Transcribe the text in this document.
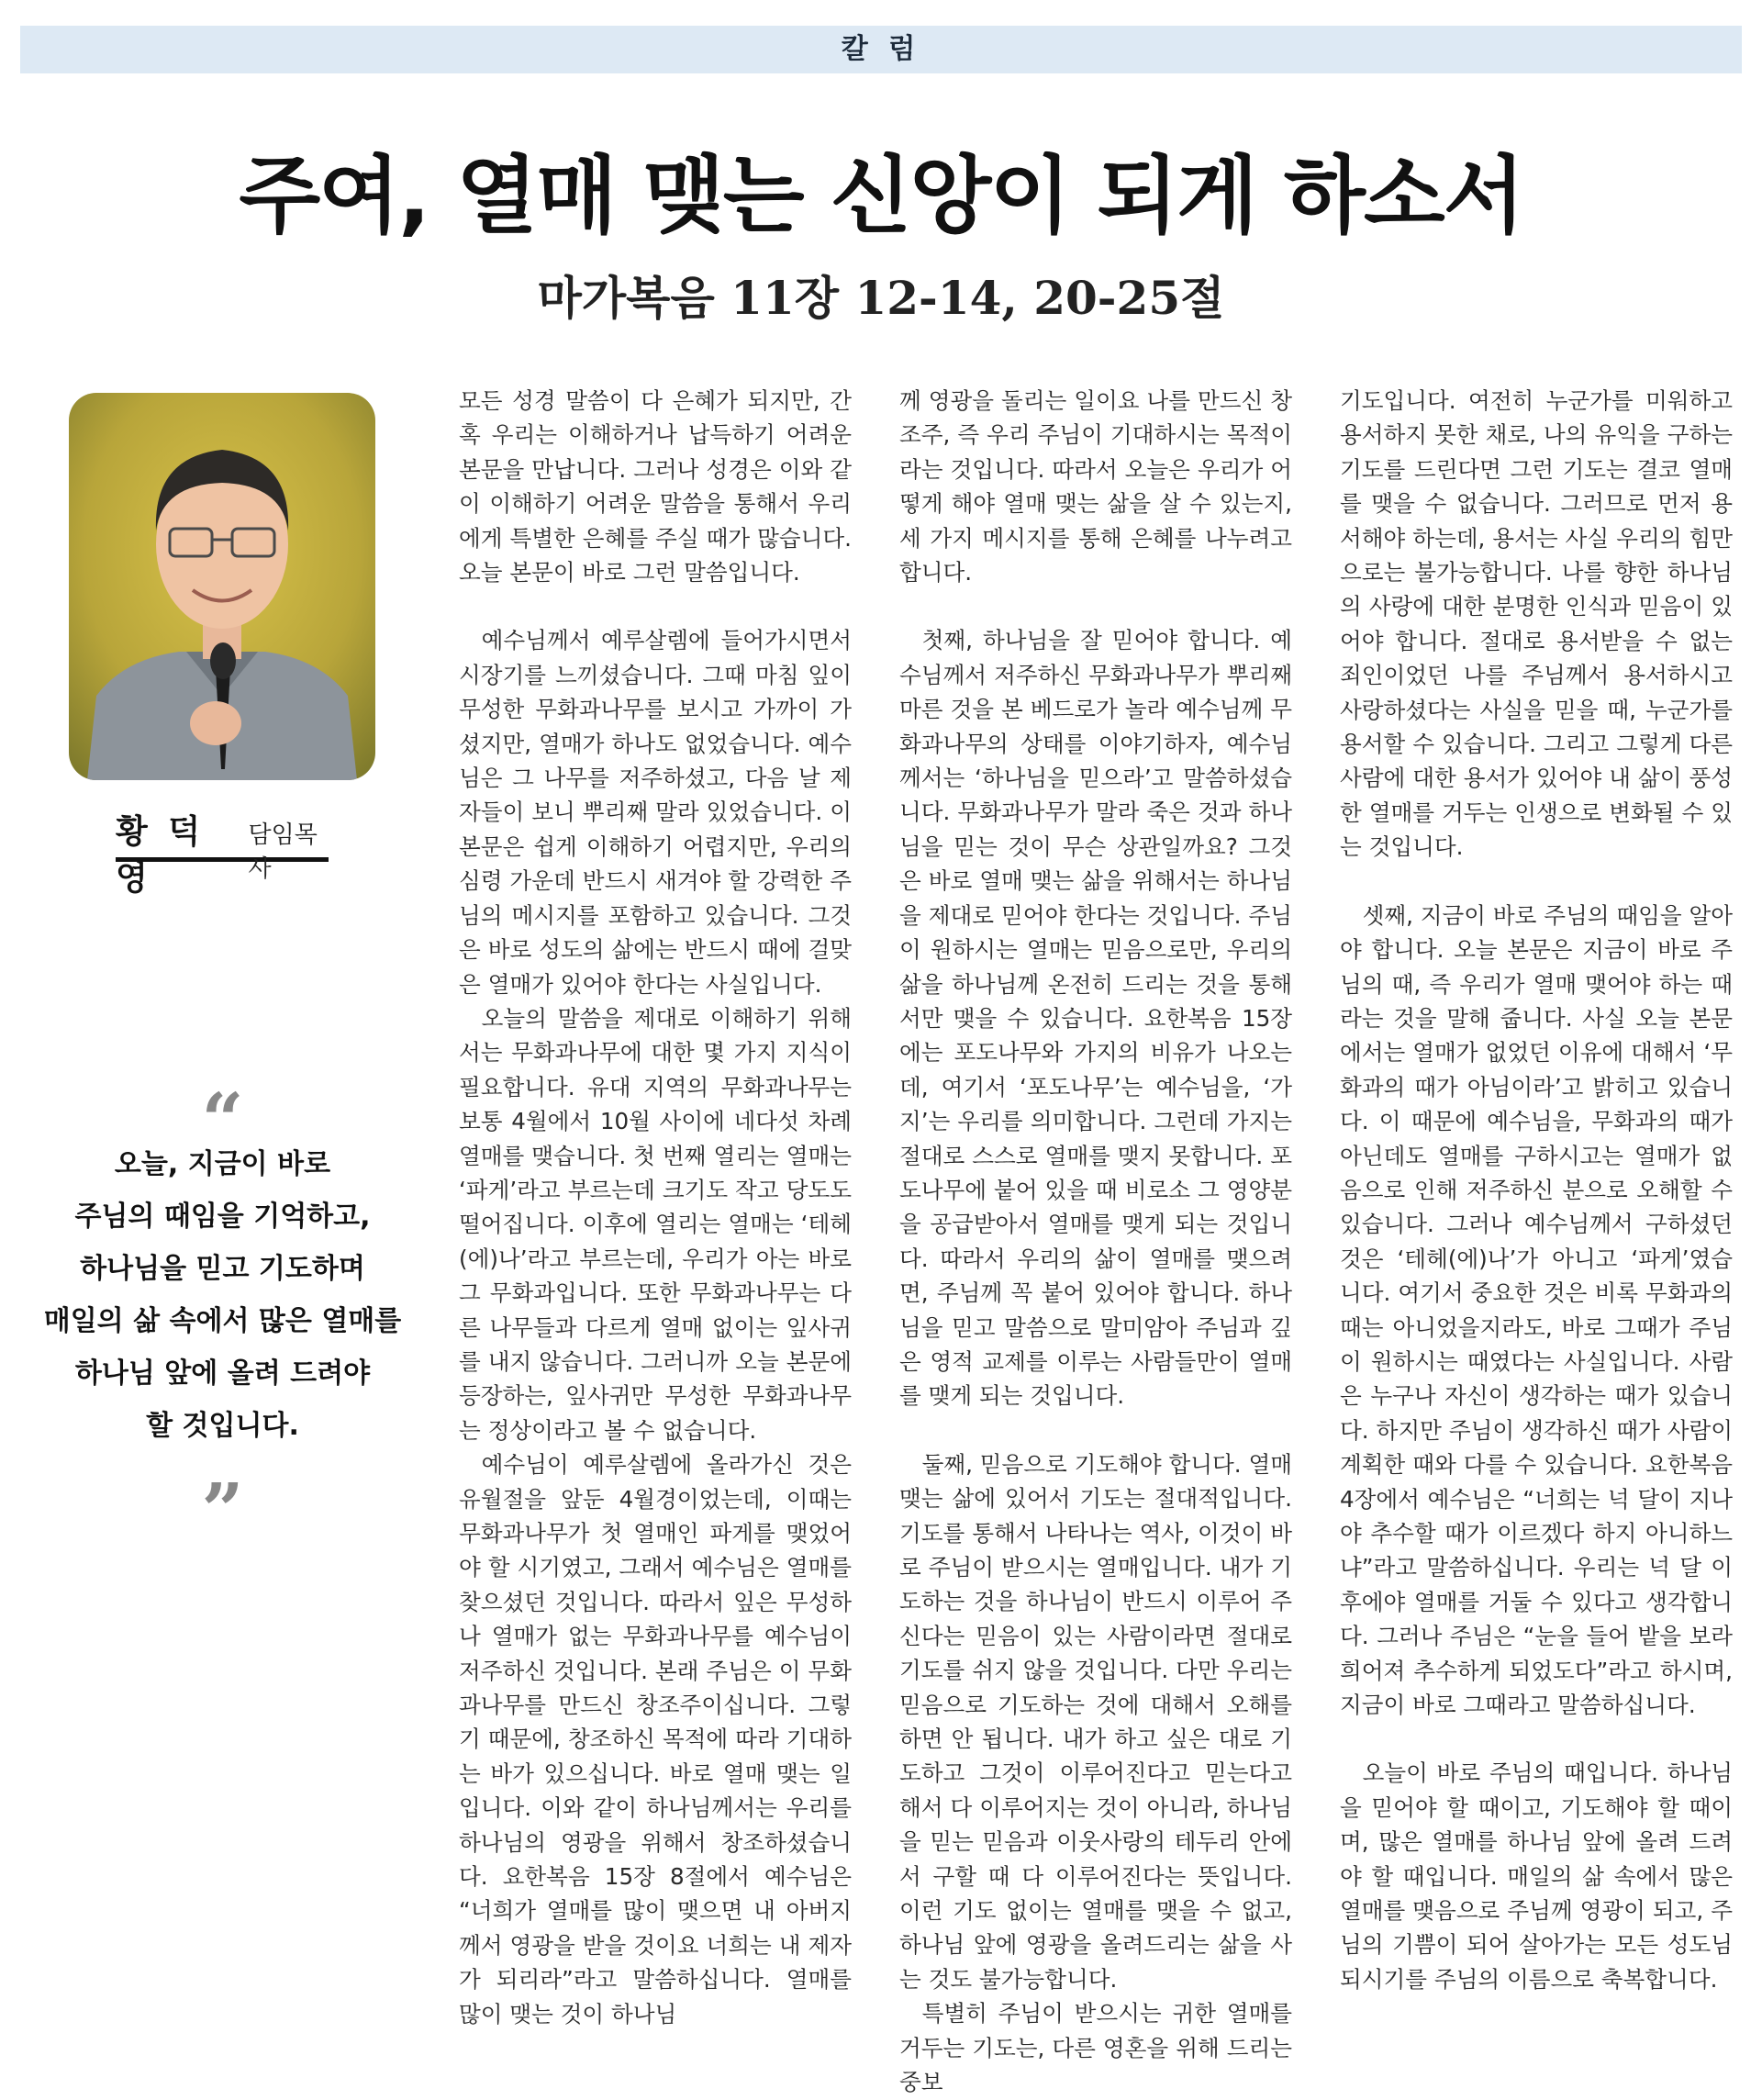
칼 럼
주여, 열매 맺는 신앙이 되게 하소서
마가복음 11장 12-14, 20-25절
황 덕 영
담임목사
“
오늘, 지금이 바로
주님의 때임을 기억하고,
하나님을 믿고 기도하며
매일의 삶 속에서 많은 열매를
하나님 앞에 올려 드려야
할 것입니다.
”

모든 성경 말씀이 다 은혜가 되지만, 간혹 우리는 이해하거나 납득하기 어려운 본문을 만납니다. 그러나 성경은 이와 같이 이해하기 어려운 말씀을 통해서 우리에게 특별한 은혜를 주실 때가 많습니다. 오늘 본문이 바로 그런 말씀입니다.

예수님께서 예루살렘에 들어가시면서 시장기를 느끼셨습니다. 그때 마침 잎이 무성한 무화과나무를 보시고 가까이 가셨지만, 열매가 하나도 없었습니다. 예수님은 그 나무를 저주하셨고, 다음 날 제자들이 보니 뿌리째 말라 있었습니다. 이 본문은 쉽게 이해하기 어렵지만, 우리의 심령 가운데 반드시 새겨야 할 강력한 주님의 메시지를 포함하고 있습니다. 그것은 바로 성도의 삶에는 반드시 때에 걸맞은 열매가 있어야 한다는 사실입니다.

오늘의 말씀을 제대로 이해하기 위해서는 무화과나무에 대한 몇 가지 지식이 필요합니다. 유대 지역의 무화과나무는 보통 4월에서 10월 사이에 네다섯 차례 열매를 맺습니다. 첫 번째 열리는 열매는 ‘파게’라고 부르는데 크기도 작고 당도도 떨어집니다. 이후에 열리는 열매는 ‘테헤(에)나’라고 부르는데, 우리가 아는 바로 그 무화과입니다. 또한 무화과나무는 다른 나무들과 다르게 열매 없이는 잎사귀를 내지 않습니다. 그러니까 오늘 본문에 등장하는, 잎사귀만 무성한 무화과나무는 정상이라고 볼 수 없습니다.

예수님이 예루살렘에 올라가신 것은 유월절을 앞둔 4월경이었는데, 이때는 무화과나무가 첫 열매인 파게를 맺었어야 할 시기였고, 그래서 예수님은 열매를 찾으셨던 것입니다. 따라서 잎은 무성하나 열매가 없는 무화과나무를 예수님이 저주하신 것입니다. 본래 주님은 이 무화과나무를 만드신 창조주이십니다. 그렇기 때문에, 창조하신 목적에 따라 기대하는 바가 있으십니다. 바로 열매 맺는 일입니다. 이와 같이 하나님께서는 우리를 하나님의 영광을 위해서 창조하셨습니다. 요한복음 15장 8절에서 예수님은 “너희가 열매를 많이 맺으면 내 아버지께서 영광을 받을 것이요 너희는 내 제자가 되리라”라고 말씀하십니다. 열매를 많이 맺는 것이 하나님

께 영광을 돌리는 일이요 나를 만드신 창조주, 즉 우리 주님이 기대하시는 목적이라는 것입니다. 따라서 오늘은 우리가 어떻게 해야 열매 맺는 삶을 살 수 있는지, 세 가지 메시지를 통해 은혜를 나누려고 합니다.

첫째, 하나님을 잘 믿어야 합니다. 예수님께서 저주하신 무화과나무가 뿌리째 마른 것을 본 베드로가 놀라 예수님께 무화과나무의 상태를 이야기하자, 예수님께서는 ‘하나님을 믿으라’고 말씀하셨습니다. 무화과나무가 말라 죽은 것과 하나님을 믿는 것이 무슨 상관일까요? 그것은 바로 열매 맺는 삶을 위해서는 하나님을 제대로 믿어야 한다는 것입니다. 주님이 원하시는 열매는 믿음으로만, 우리의 삶을 하나님께 온전히 드리는 것을 통해서만 맺을 수 있습니다. 요한복음 15장에는 포도나무와 가지의 비유가 나오는데, 여기서 ‘포도나무’는 예수님을, ‘가지’는 우리를 의미합니다. 그런데 가지는 절대로 스스로 열매를 맺지 못합니다. 포도나무에 붙어 있을 때 비로소 그 영양분을 공급받아서 열매를 맺게 되는 것입니다. 따라서 우리의 삶이 열매를 맺으려면, 주님께 꼭 붙어 있어야 합니다. 하나님을 믿고 말씀으로 말미암아 주님과 깊은 영적 교제를 이루는 사람들만이 열매를 맺게 되는 것입니다.

둘째, 믿음으로 기도해야 합니다. 열매 맺는 삶에 있어서 기도는 절대적입니다. 기도를 통해서 나타나는 역사, 이것이 바로 주님이 받으시는 열매입니다. 내가 기도하는 것을 하나님이 반드시 이루어 주신다는 믿음이 있는 사람이라면 절대로 기도를 쉬지 않을 것입니다. 다만 우리는 믿음으로 기도하는 것에 대해서 오해를 하면 안 됩니다. 내가 하고 싶은 대로 기도하고 그것이 이루어진다고 믿는다고 해서 다 이루어지는 것이 아니라, 하나님을 믿는 믿음과 이웃사랑의 테두리 안에서 구할 때 다 이루어진다는 뜻입니다. 이런 기도 없이는 열매를 맺을 수 없고, 하나님 앞에 영광을 올려드리는 삶을 사는 것도 불가능합니다.

특별히 주님이 받으시는 귀한 열매를 거두는 기도는, 다른 영혼을 위해 드리는 중보

기도입니다. 여전히 누군가를 미워하고 용서하지 못한 채로, 나의 유익을 구하는 기도를 드린다면 그런 기도는 결코 열매를 맺을 수 없습니다. 그러므로 먼저 용서해야 하는데, 용서는 사실 우리의 힘만으로는 불가능합니다. 나를 향한 하나님의 사랑에 대한 분명한 인식과 믿음이 있어야 합니다. 절대로 용서받을 수 없는 죄인이었던 나를 주님께서 용서하시고 사랑하셨다는 사실을 믿을 때, 누군가를 용서할 수 있습니다. 그리고 그렇게 다른 사람에 대한 용서가 있어야 내 삶이 풍성한 열매를 거두는 인생으로 변화될 수 있는 것입니다.

셋째, 지금이 바로 주님의 때임을 알아야 합니다. 오늘 본문은 지금이 바로 주님의 때, 즉 우리가 열매 맺어야 하는 때라는 것을 말해 줍니다. 사실 오늘 본문에서는 열매가 없었던 이유에 대해서 ‘무화과의 때가 아님이라’고 밝히고 있습니다. 이 때문에 예수님을, 무화과의 때가 아닌데도 열매를 구하시고는 열매가 없음으로 인해 저주하신 분으로 오해할 수 있습니다. 그러나 예수님께서 구하셨던 것은 ‘테헤(에)나’가 아니고 ‘파게’였습니다. 여기서 중요한 것은 비록 무화과의 때는 아니었을지라도, 바로 그때가 주님이 원하시는 때였다는 사실입니다. 사람은 누구나 자신이 생각하는 때가 있습니다. 하지만 주님이 생각하신 때가 사람이 계획한 때와 다를 수 있습니다. 요한복음 4장에서 예수님은 “너희는 넉 달이 지나야 추수할 때가 이르겠다 하지 아니하느냐”라고 말씀하십니다. 우리는 넉 달 이후에야 열매를 거둘 수 있다고 생각합니다. 그러나 주님은 “눈을 들어 밭을 보라 희어져 추수하게 되었도다”라고 하시며, 지금이 바로 그때라고 말씀하십니다.

오늘이 바로 주님의 때입니다. 하나님을 믿어야 할 때이고, 기도해야 할 때이며, 많은 열매를 하나님 앞에 올려 드려야 할 때입니다. 매일의 삶 속에서 많은 열매를 맺음으로 주님께 영광이 되고, 주님의 기쁨이 되어 살아가는 모든 성도님 되시기를 주님의 이름으로 축복합니다.
